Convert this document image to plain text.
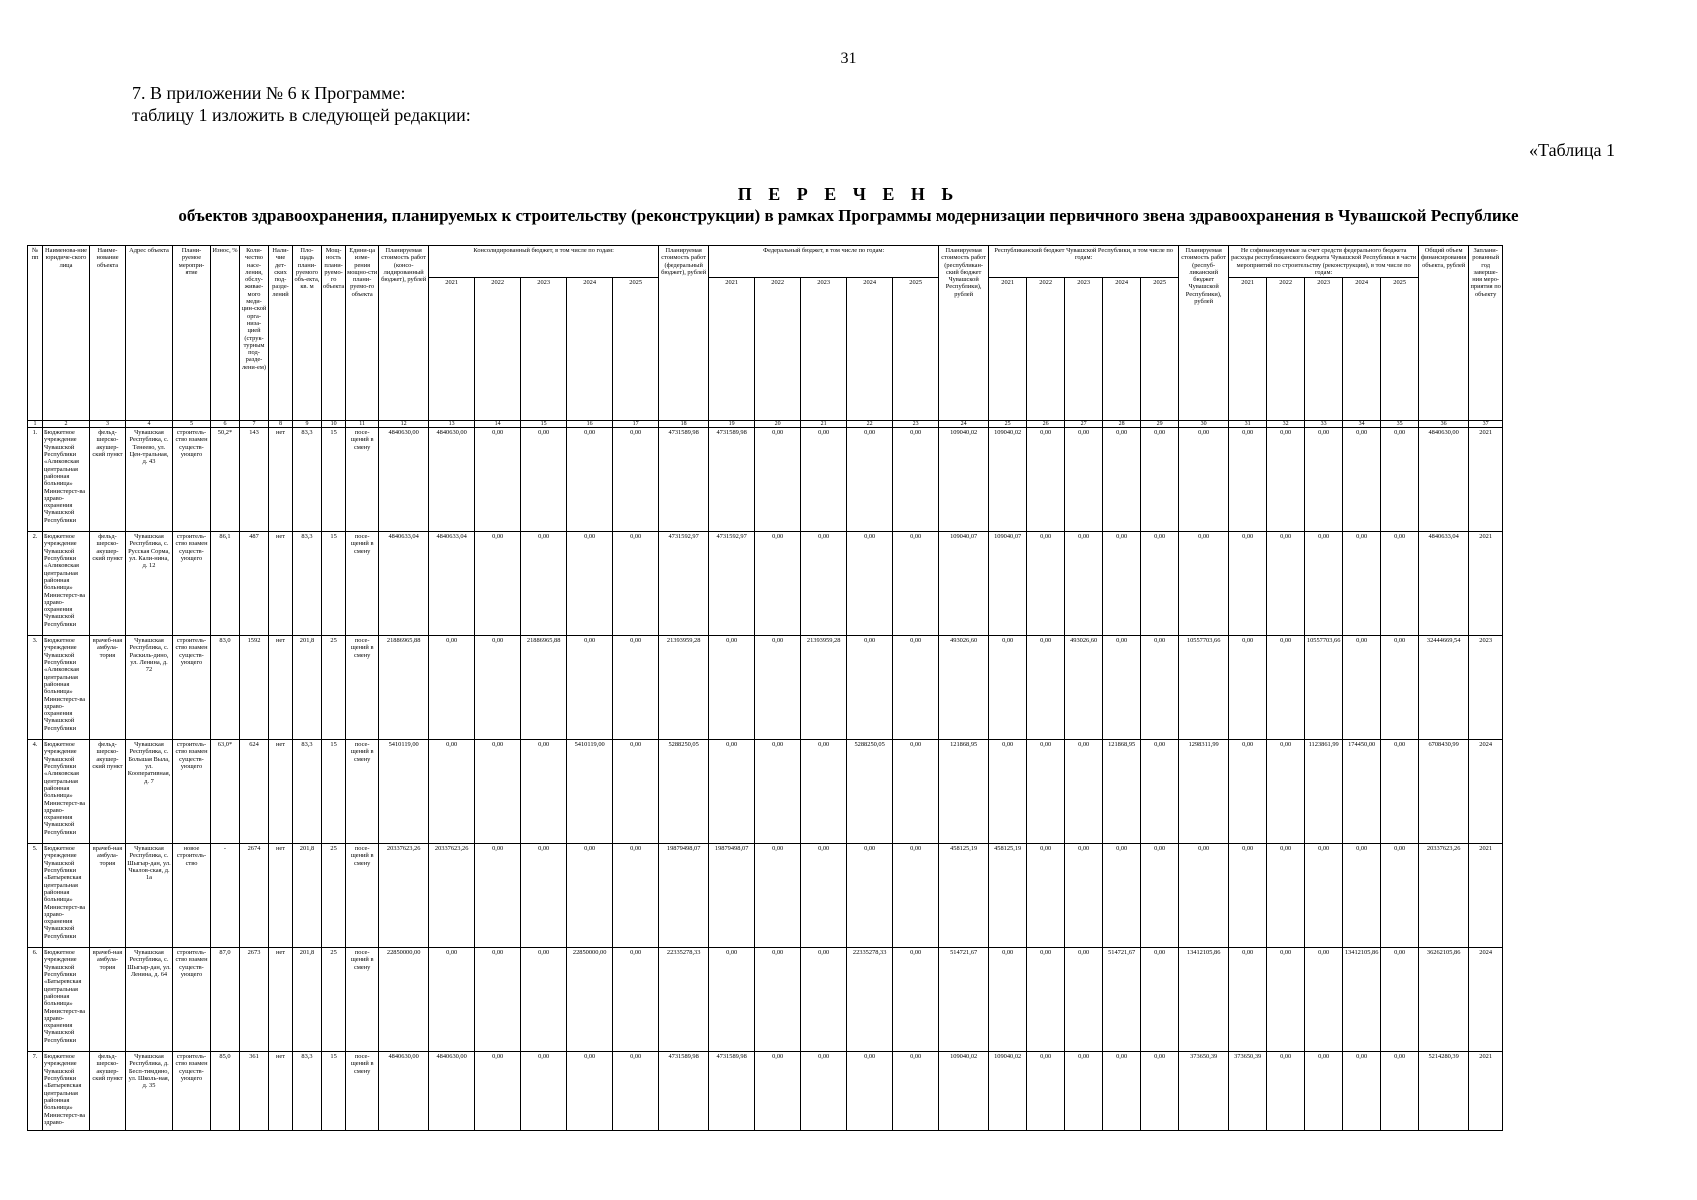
31
7. В приложении № 6 к Программе:
таблицу 1 изложить в следующей редакции:
«Таблица 1
П Е Р Е Ч Е Н Ь
объектов здравоохранения, планируемых к строительству (реконструкции) в рамках Программы модернизации первичного звена здравоохранения в Чувашской Республике
№ пп	Наименова-ние юридиче-ского лица	Наиме-нование объекта	Адрес объекта	Плани-руемое меропри-ятие	Износ, %	Коли-чество насе-ления, обслу-живае-мого меди-цин-ской орга-низа-цией (струк-турным под-разде-лени-ем)	Нали-чие дет-ских под-разде-лений	Пло-щадь плани-руемого объ-екта, кв. м	Мощ-ность плани-руемо-го объекта	Едини-ца изме-рения мощно-сти плани-руемо-го объекта	Планируемая стоимость работ (консо-лидированный бюджет), рублей	Консолидированный бюджет, в том числе по годам:					Планируемая стоимость работ (федеральный бюджет), рублей	Федеральный бюджет, в том числе по годам:					Планируемая стоимость работ (республикан-ский бюджет Чувашской Республики), рублей	Республиканский бюджет Чувашской Республики, в том числе по годам:					Планируемая стоимость работ (респуб-ликанский бюджет Чувашской Республики), рублей	Не софинансируемые за счет средств федерального бюджета расходы республиканского бюджета Чувашской Республики в части мероприятий по строительству (реконструкции), в том числе по годам:					Общий объем финансирования объекта, рублей	Заплани-рованный год заверше-ния меро-приятия по объекту
												2021	2022	2023	2024	2025		2021	2022	2023	2024	2025		2021	2022	2023	2024	2025		2021	2022	2023	2024	2025		
1	2	3	4	5	6	7	8	9	10	11	12	13	14	15	16	17	18	19	20	21	22	23	24	25	26	27	28	29	30	31	32	33	34	35	36	37
1.	Бюджетное учреждение Чувашской Республики «Аликовская центральная районная больница» Министерст-ва здраво-охранения Чувашской Республики	фельд-шерско-акушер-ский пункт	Чувашская Республика, с. Тенеево, ул. Цен-тральная, д. 43	строитель-ство взамен существ-ующего	50,2*	143	нет	83,3	15	посе-щений в смену	4840630,00	4840630,00	0,00	0,00	0,00	0,00	4731589,98	4731589,98	0,00	0,00	0,00	0,00	109040,02	109040,02	0,00	0,00	0,00	0,00	0,00	0,00	0,00	0,00	0,00	0,00	4840630,00	2021
2.	Бюджетное учреждение Чувашской Республики «Аликовская центральная районная больница» Министерст-ва здраво-охранения Чувашской Республики	фельд-шерско-акушер-ский пункт	Чувашская Республика, с. Русская Сорма, ул. Кали-нина, д. 12	строитель-ство взамен существ-ующего	86,1	487	нет	83,3	15	посе-щений в смену	4840633,04	4840633,04	0,00	0,00	0,00	0,00	4731592,97	4731592,97	0,00	0,00	0,00	0,00	109040,07	109040,07	0,00	0,00	0,00	0,00	0,00	0,00	0,00	0,00	0,00	0,00	4840633,04	2021
3.	Бюджетное учреждение Чувашской Республики «Аликовская центральная районная больница» Министерст-ва здраво-охранения Чувашской Республики	врачеб-ная амбула-тория	Чувашская Республика, с. Раскиль-дино, ул. Ленина, д. 72	строитель-ство взамен существ-ующего	83,0	1592	нет	201,8	25	посе-щений в смену	21886965,88	0,00	0,00	21886965,88	0,00	0,00	21393959,28	0,00	0,00	21393959,28	0,00	0,00	493026,60	0,00	0,00	493026,60	0,00	0,00	10557703,66	0,00	0,00	10557703,66	0,00	0,00	32444669,54	2023
4.	Бюджетное учреждение Чувашской Республики «Аликовская центральная районная больница» Министерст-ва здраво-охранения Чувашской Республики	фельд-шерско-акушер-ский пункт	Чувашская Республика, с. Большая Выла, ул. Кооперативная, д. 7	строитель-ство взамен существ-ующего	63,0*	624	нет	83,3	15	посе-щений в смену	5410119,00	0,00	0,00	0,00	5410119,00	0,00	5288250,05	0,00	0,00	0,00	5288250,05	0,00	121868,95	0,00	0,00	0,00	121868,95	0,00	1298311,99	0,00	0,00	1123861,99	174450,00	0,00	6708430,99	2024
5.	Бюджетное учреждение Чувашской Республики «Батыревская центральная районная больница» Министерст-ва здраво-охранения Чувашской Республики	врачеб-ная амбула-тория	Чувашская Республика, с. Шыгыр-дан, ул. Чкалов-ская, д. 1а	новое строитель-ство	-	2674	нет	201,8	25	посе-щений в смену	20337623,26	20337623,26	0,00	0,00	0,00	0,00	19879498,07	19879498,07	0,00	0,00	0,00	0,00	458125,19	458125,19	0,00	0,00	0,00	0,00	0,00	0,00	0,00	0,00	0,00	0,00	20337623,26	2021
6.	Бюджетное учреждение Чувашской Республики «Батыревская центральная районная больница» Министерст-ва здраво-охранения Чувашской Республики	врачеб-ная амбула-тория	Чувашская Республика, с. Шыгыр-дан, ул. Ленина, д. 64	строитель-ство взамен существ-ующего	87,0	2673	нет	201,8	25	посе-щений в смену	22850000,00	0,00	0,00	0,00	22850000,00	0,00	22335278,33	0,00	0,00	0,00	22335278,33	0,00	514721,67	0,00	0,00	0,00	514721,67	0,00	13412105,86	0,00	0,00	0,00	13412105,86	0,00	36262105,86	2024
7.	Бюджетное учреждение Чувашской Республики «Батыревская центральная районная больница» Министерст-ва здраво-	фельд-шерско-акушер-ский пункт	Чувашская Республика, д. Бесп-тимдино, ул. Школь-ная, д. 35	строитель-ство взамен существ-ующего	85,0	361	нет	83,3	15	посе-щений в смену	4840630,00	4840630,00	0,00	0,00	0,00	0,00	4731589,98	4731589,98	0,00	0,00	0,00	0,00	109040,02	109040,02	0,00	0,00	0,00	0,00	373650,39	373650,39	0,00	0,00	0,00	0,00	5214280,39	2021
